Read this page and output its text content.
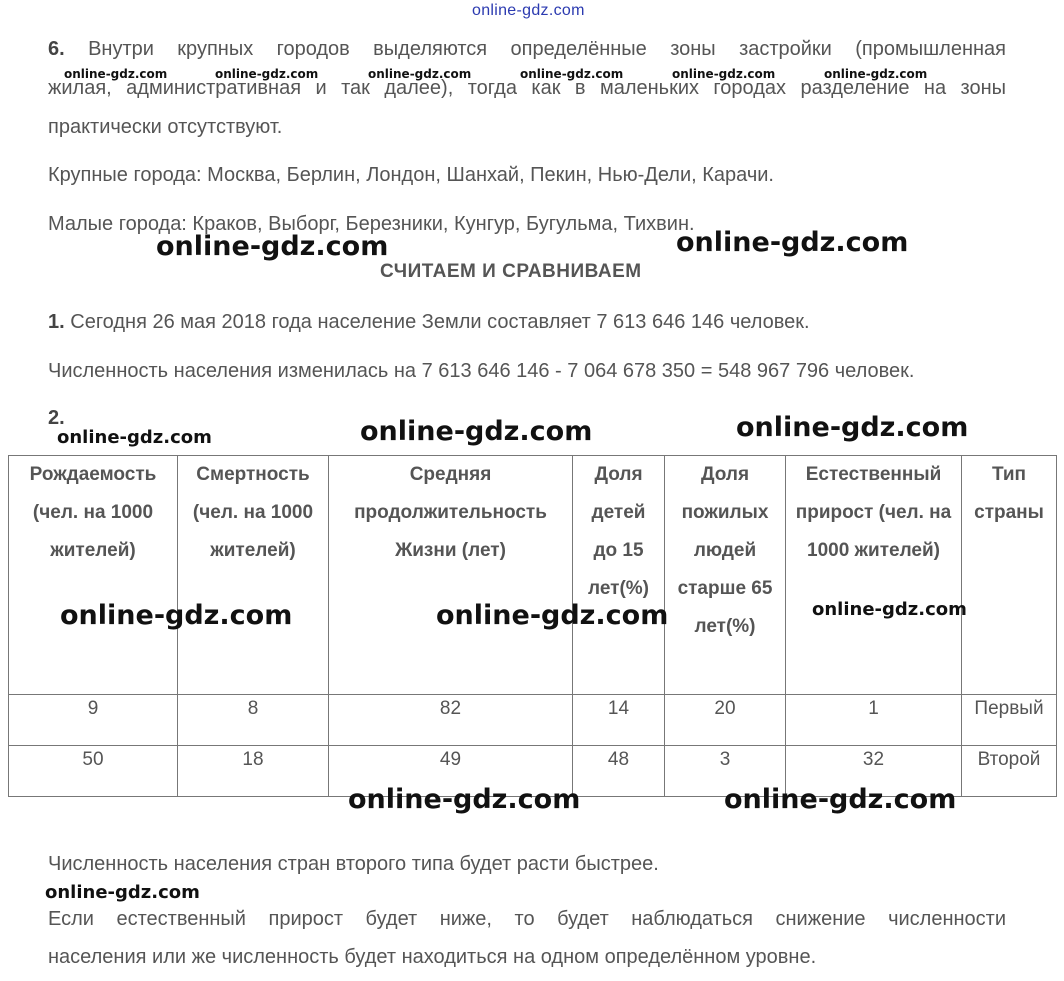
online-gdz.com
6. Внутри крупных городов выделяются определённые зоны застройки (промышленная
жилая, административная и так далее), тогда как в маленьких городах разделение на зоны
практически отсутствуют.
Крупные города: Москва, Берлин, Лондон, Шанхай, Пекин, Нью-Дели, Карачи.
Малые города: Краков, Выборг, Березники, Кунгур, Бугульма, Тихвин.
online-gdz.com	online-gdz.com	online-gdz.com	online-gdz.com	online-gdz.com	online-gdz.com
СЧИТАЕМ И СРАВНИВАЕМ
1. Сегодня 26 мая 2018 года население Земли составляет 7 613 646 146 человек.
Численность населения изменилась на 7 613 646 146 - 7 064 678 350 = 548 967 796 человек.
2.
Рождаемость (чел. на 1000 жителей)	Смертность (чел. на 1000 жителей)	Средняя продолжительность Жизни (лет)	Доля детей до 15 лет(%)	Доля пожилых людей старше 65 лет(%)	Естественный прирост (чел. на 1000 жителей)	Тип страны

9	8	82	14	20	1	Первый
50	18	49	48	3	32	Второй
Численность населения стран второго типа будет расти быстрее.
Если естественный прирост будет ниже, то будет наблюдаться снижение численности
населения или же численность будет находиться на одном определённом уровне.
online-gdz.com	online-gdz.com
online-gdz.com	online-gdz.com	online-gdz.com
online-gdz.com	online-gdz.com	online-gdz.com
online-gdz.com	online-gdz.com
online-gdz.com
